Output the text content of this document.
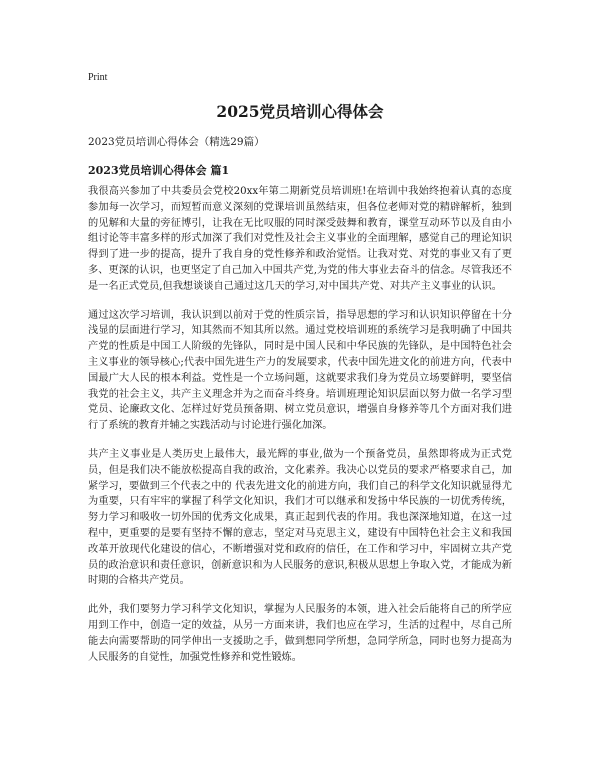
Print
2025党员培训心得体会
2023党员培训心得体会（精选29篇）
2023党员培训心得体会 篇1

我很高兴参加了中共委员会党校20xx年第二期新党员培训班!在培训中我始终抱着认真的态度参加每一次学习，而短暂而意义深刻的党课培训虽然结束，但各位老师对党的精辟解析，独到的见解和大量的旁征博引，让我在无比叹服的同时深受鼓舞和教育，课堂互动环节以及自由小组讨论等丰富多样的形式加深了我们对党性及社会主义事业的全面理解，感觉自己的理论知识得到了进一步的提高，提升了我自身的党性修养和政治觉悟。让我对党、对党的事业又有了更多、更深的认识，也更坚定了自己加入中国共产党,为党的伟大事业去奋斗的信念。尽管我还不是一名正式党员,但我想谈谈自己通过这几天的学习,对中国共产党、对共产主义事业的认识。

通过这次学习培训，我认识到以前对于党的性质宗旨，指导思想的学习和认识知识停留在十分浅显的层面进行学习，知其然而不知其所以然。通过党校培训班的系统学习是我明确了中国共产党的性质是中国工人阶级的先锋队，同时是中国人民和中华民族的先锋队，是中国特色社会主义事业的领导核心;代表中国先进生产力的发展要求，代表中国先进文化的前进方向，代表中国最广大人民的根本利益。党性是一个立场问题，这就要求我们身为党员立场要鲜明，要坚信我党的社会主义，共产主义理念并为之而奋斗终身。培训班理论知识层面以努力做一名学习型党员、论廉政文化、怎样过好党员预备期、树立党员意识，增强自身修养等几个方面对我们进行了系统的教育并辅之实践活动与讨论进行强化加深。

共产主义事业是人类历史上最伟大，最光辉的事业,做为一个预备党员，虽然即将成为正式党员，但是我们决不能放松提高自我的政治，文化素养。我决心以党员的要求严格要求自己，加紧学习，要做到三个代表之中的 代表先进文化的前进方向，我们自己的科学文化知识就显得尤为重要，只有牢牢的掌握了科学文化知识，我们才可以继承和发扬中华民族的一切优秀传统，努力学习和吸收一切外国的优秀文化成果，真正起到代表的作用。我也深深地知道，在这一过程中，更重要的是要有坚持不懈的意志，坚定对马克思主义，建设有中国特色社会主义和我国改革开放现代化建设的信心，不断增强对党和政府的信任，在工作和学习中，牢固树立共产党员的政治意识和责任意识，创新意识和为人民服务的意识,积极从思想上争取入党，才能成为新时期的合格共产党员。

此外，我们要努力学习科学文化知识，掌握为人民服务的本领，进入社会后能将自己的所学应用到工作中，创造一定的效益，从另一方面来讲，我们也应在学习，生活的过程中，尽自己所能去向需要帮助的同学伸出一支援助之手，做到想同学所想，急同学所急，同时也努力提高为人民服务的自觉性，加强党性修养和党性锻炼。
